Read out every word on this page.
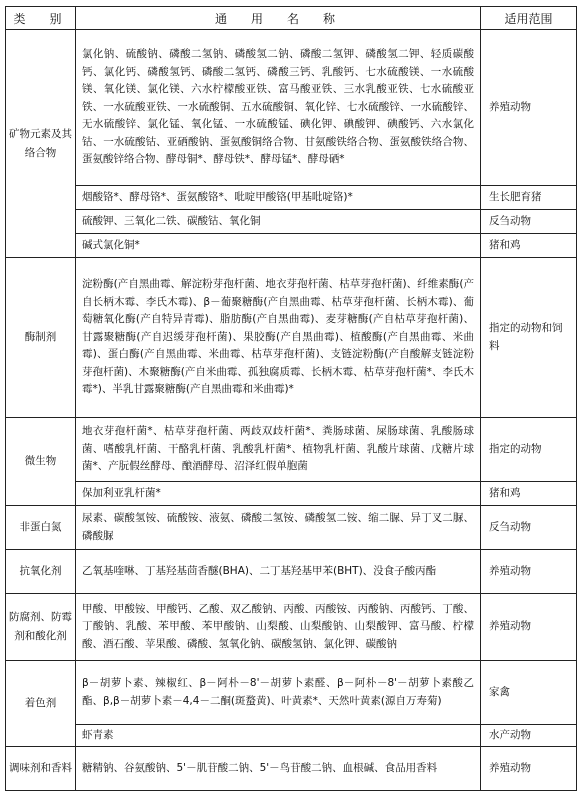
类　别	通　用　名　称	适用范围
矿物元素及其络合物	氯化钠、硫酸钠、磷酸二氢钠、磷酸氢二钠、磷酸二氢钾、磷酸氢二钾、轻质碳酸钙、氯化钙、磷酸氢钙、磷酸二氢钙、磷酸三钙、乳酸钙、七水硫酸镁、一水硫酸镁、氧化镁、氯化镁、六水柠檬酸亚铁、富马酸亚铁、三水乳酸亚铁、七水硫酸亚铁、一水硫酸亚铁、一水硫酸铜、五水硫酸铜、氧化锌、七水硫酸锌、一水硫酸锌、无水硫酸锌、氯化锰、氧化锰、一水硫酸锰、碘化钾、碘酸钾、碘酸钙、六水氯化钴、一水硫酸钴、亚硒酸钠、蛋氨酸铜络合物、甘氨酸铁络合物、蛋氨酸铁络合物、蛋氨酸锌络合物、酵母铜*、酵母铁*、酵母锰*、酵母硒*	养殖动物
	烟酸铬*、酵母铬*、蛋氨酸铬*、吡啶甲酸铬(甲基吡啶铬)*	生长肥育猪
	硫酸钾、三氧化二铁、碳酸钴、氧化铜	反刍动物
	碱式氯化铜*	猪和鸡
酶制剂	淀粉酶(产自黑曲霉、解淀粉芽孢杆菌、地衣芽孢杆菌、枯草芽孢杆菌)、纤维素酶(产自长柄木霉、李氏木霉)、β－葡聚糖酶(产自黑曲霉、枯草芽孢杆菌、长柄木霉)、葡萄糖氧化酶(产自特异青霉)、脂肪酶(产自黑曲霉)、麦芽糖酶(产自枯草芽孢杆菌)、甘露聚糖酶(产自迟缓芽孢杆菌)、果胶酶(产自黑曲霉)、植酸酶(产自黑曲霉、米曲霉)、蛋白酶(产自黑曲霉、米曲霉、枯草芽孢杆菌)、支链淀粉酶(产自酸解支链淀粉芽孢杆菌)、木聚糖酶(产自米曲霉、孤独腐质霉、长柄木霉、枯草芽孢杆菌*、李氏木霉*)、半乳甘露聚糖酶(产自黑曲霉和米曲霉)*	指定的动物和饲料
微生物	地衣芽孢杆菌*、枯草芽孢杆菌、两歧双歧杆菌*、粪肠球菌、屎肠球菌、乳酸肠球菌、嗜酸乳杆菌、干酪乳杆菌、乳酸乳杆菌*、植物乳杆菌、乳酸片球菌、戊糖片球菌*、产朊假丝酵母、酿酒酵母、沼泽红假单胞菌	指定的动物
	保加利亚乳杆菌*	猪和鸡
非蛋白氮	尿素、碳酸氢铵、硫酸铵、液氨、磷酸二氢铵、磷酸氢二铵、缩二脲、异丁叉二脲、磷酸脲	反刍动物
抗氧化剂	乙氧基喹啉、丁基羟基茴香醚(BHA)、二丁基羟基甲苯(BHT)、没食子酸丙酯	养殖动物
防腐剂、防霉剂和酸化剂	甲酸、甲酸铵、甲酸钙、乙酸、双乙酸钠、丙酸、丙酸铵、丙酸钠、丙酸钙、丁酸、丁酸钠、乳酸、苯甲酸、苯甲酸钠、山梨酸、山梨酸钠、山梨酸钾、富马酸、柠檬酸、酒石酸、苹果酸、磷酸、氢氧化钠、碳酸氢钠、氯化钾、碳酸钠	养殖动物
着色剂	β－胡萝卜素、辣椒红、β－阿朴－8'－胡萝卜素醛、β－阿朴－8'－胡萝卜素酸乙酯、β,β－胡萝卜素－4,4－二酮(斑蝥黄)、叶黄素*、天然叶黄素(源自万寿菊)	家禽
	虾青素	水产动物
调味剂和香料	糖精钠、谷氨酸钠、5'－肌苷酸二钠、5'－鸟苷酸二钠、血根碱、食品用香料	养殖动物
